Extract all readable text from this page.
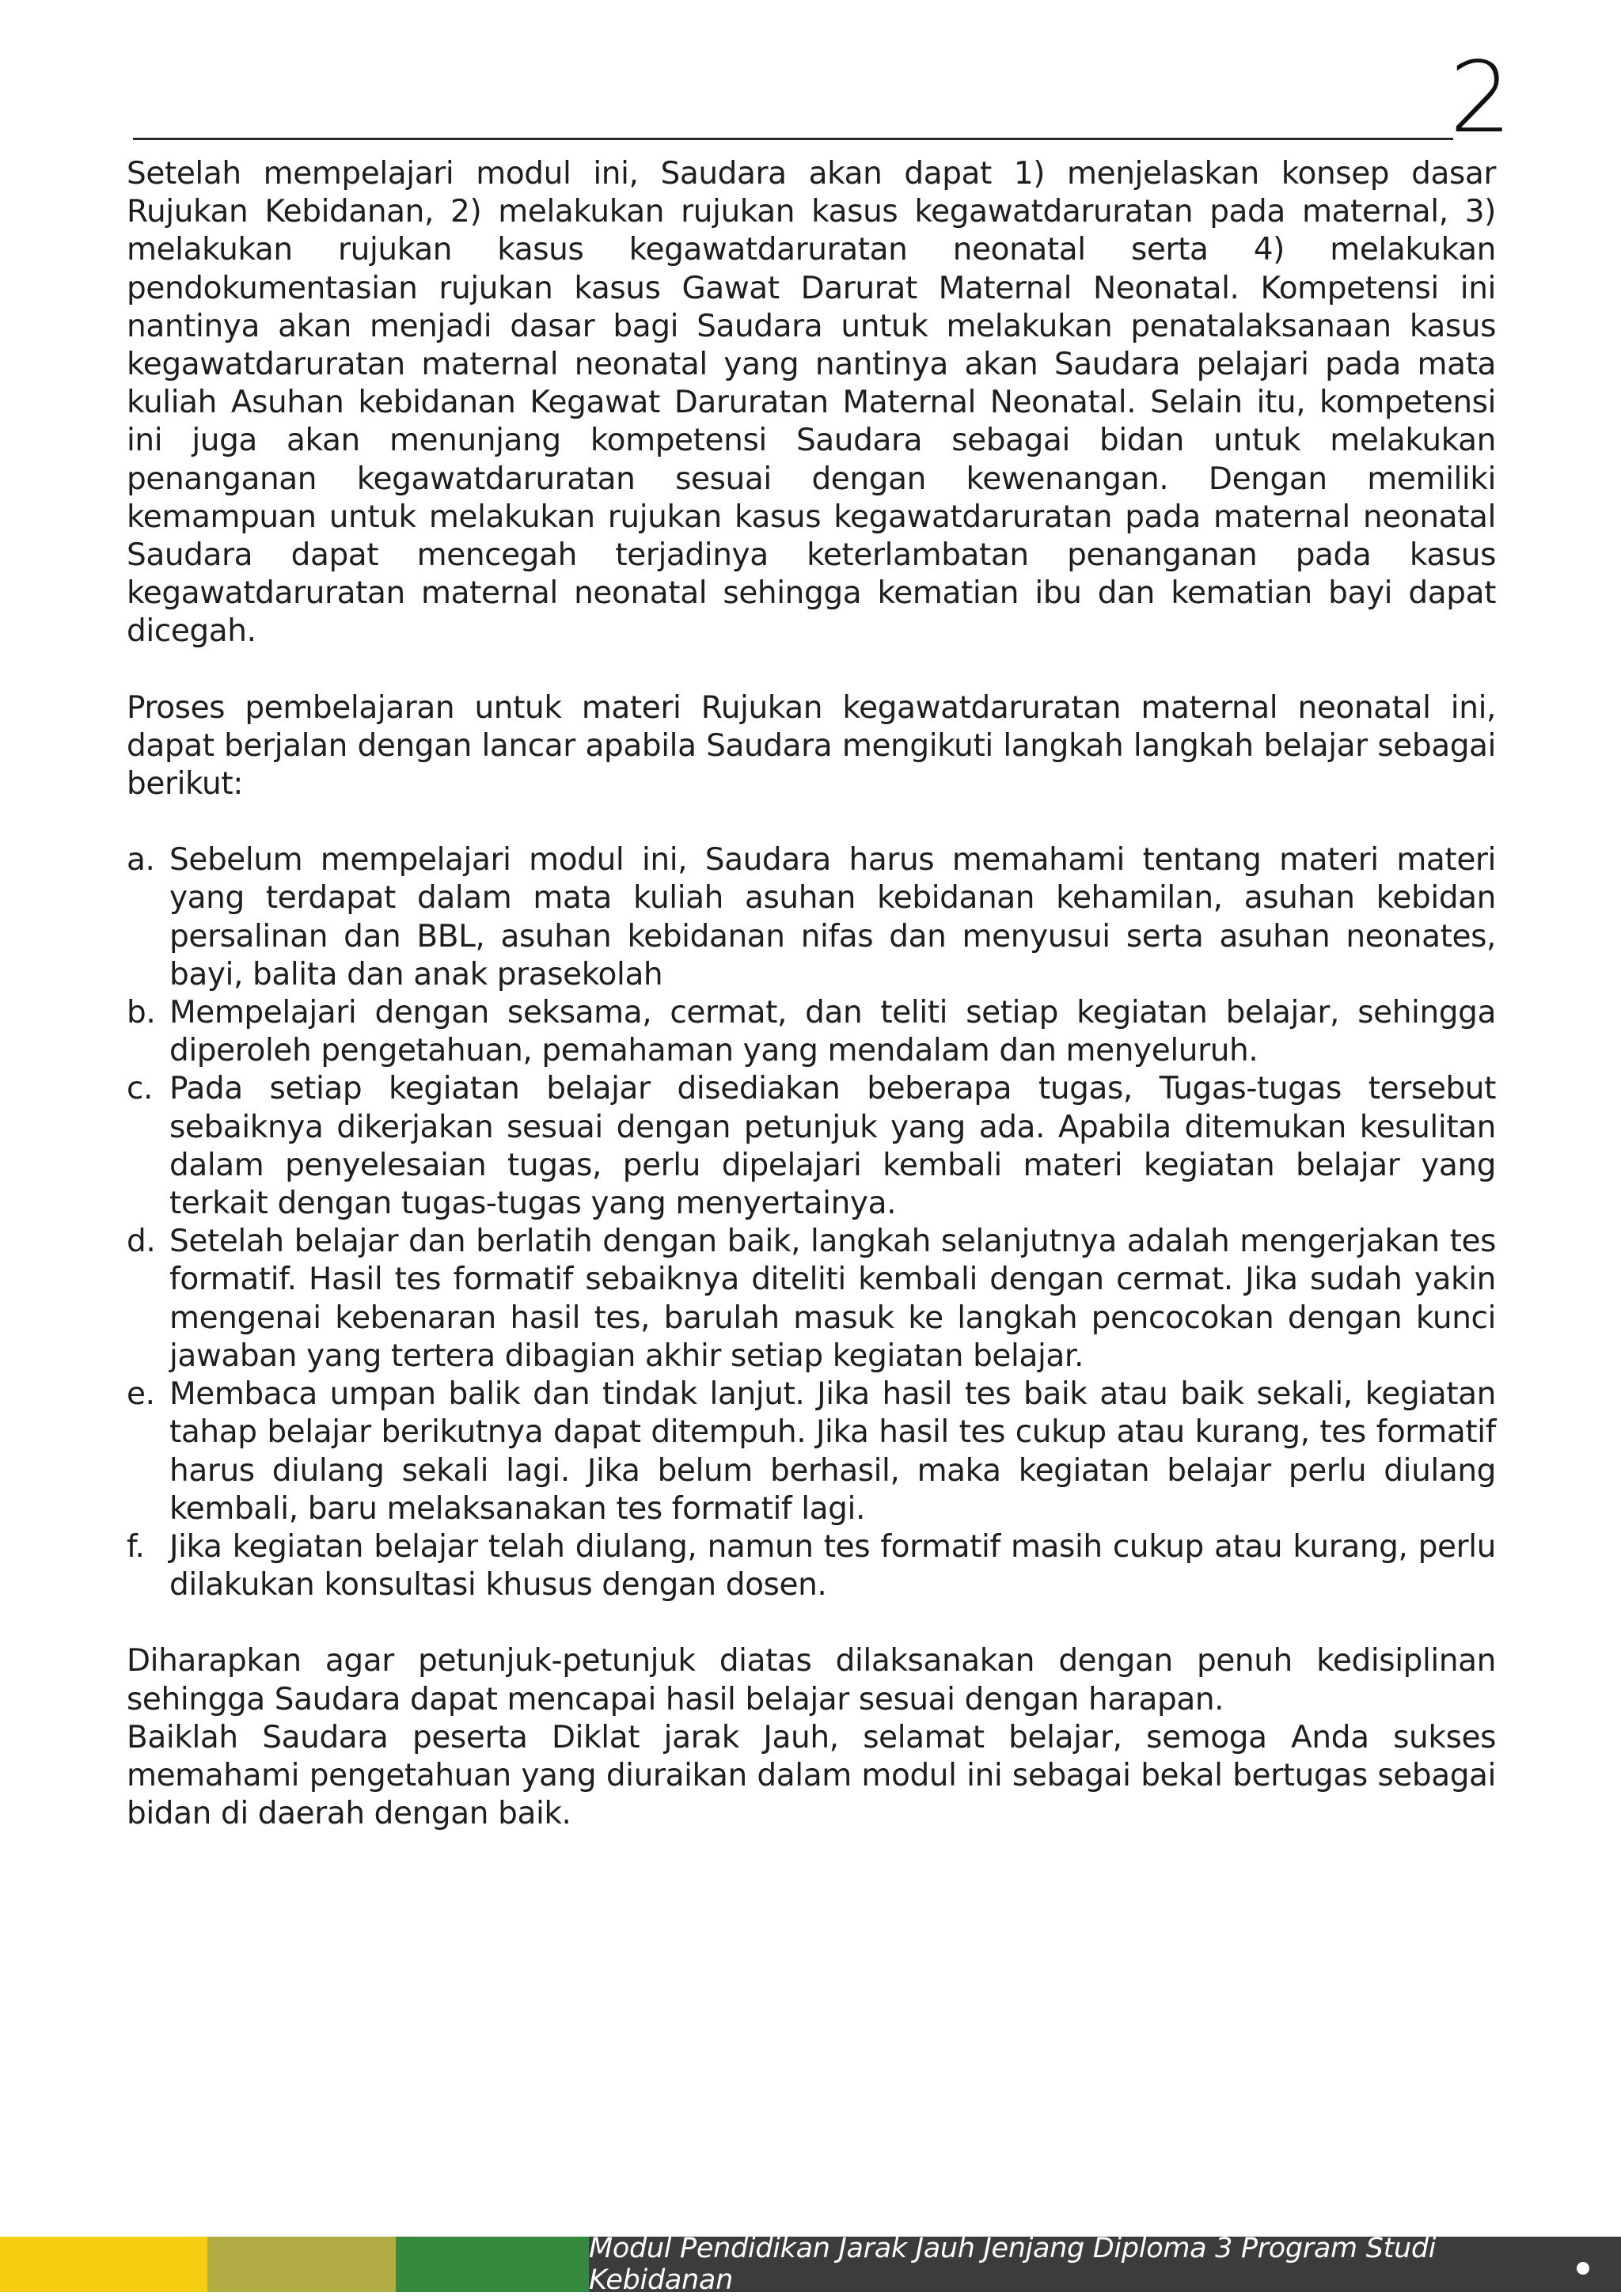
2

Setelah mempelajari modul ini, Saudara akan dapat 1) menjelaskan konsep dasar Rujukan Kebidanan, 2) melakukan rujukan kasus kegawatdaruratan pada maternal, 3) melakukan rujukan kasus kegawatdaruratan neonatal serta 4) melakukan pendokumentasian rujukan kasus Gawat Darurat Maternal Neonatal. Kompetensi ini nantinya akan menjadi dasar bagi Saudara untuk melakukan penatalaksanaan kasus kegawatdaruratan maternal neonatal yang nantinya akan Saudara pelajari pada mata kuliah Asuhan kebidanan Kegawat Daruratan Maternal Neonatal. Selain itu, kompetensi ini juga akan menunjang kompetensi Saudara sebagai bidan untuk melakukan penanganan kegawatdaruratan sesuai dengan kewenangan. Dengan memiliki kemampuan untuk melakukan rujukan kasus kegawatdaruratan pada maternal neonatal Saudara dapat mencegah terjadinya keterlambatan penanganan pada kasus kegawatdaruratan maternal neonatal sehingga kematian ibu dan kematian bayi dapat dicegah.

Proses pembelajaran untuk materi Rujukan kegawatdaruratan maternal neonatal ini, dapat berjalan dengan lancar apabila Saudara mengikuti langkah langkah belajar sebagai berikut:

a. Sebelum mempelajari modul ini, Saudara harus memahami tentang materi materi yang terdapat dalam mata kuliah asuhan kebidanan kehamilan, asuhan kebidan persalinan dan BBL, asuhan kebidanan nifas dan menyusui serta asuhan neonates, bayi, balita dan anak prasekolah
b. Mempelajari dengan seksama, cermat, dan teliti setiap kegiatan belajar, sehingga diperoleh pengetahuan, pemahaman yang mendalam dan menyeluruh.
c. Pada setiap kegiatan belajar disediakan beberapa tugas, Tugas-tugas tersebut sebaiknya dikerjakan sesuai dengan petunjuk yang ada. Apabila ditemukan kesulitan dalam penyelesaian tugas, perlu dipelajari kembali materi kegiatan belajar yang terkait dengan tugas-tugas yang menyertainya.
d. Setelah belajar dan berlatih dengan baik, langkah selanjutnya adalah mengerjakan tes formatif. Hasil tes formatif sebaiknya diteliti kembali dengan cermat. Jika sudah yakin mengenai kebenaran hasil tes, barulah masuk ke langkah pencocokan dengan kunci jawaban yang tertera dibagian akhir setiap kegiatan belajar.
e. Membaca umpan balik dan tindak lanjut. Jika hasil tes baik atau baik sekali, kegiatan tahap belajar berikutnya dapat ditempuh. Jika hasil tes cukup atau kurang, tes formatif harus diulang sekali lagi. Jika belum berhasil, maka kegiatan belajar perlu diulang kembali, baru melaksanakan tes formatif lagi.
f. Jika kegiatan belajar telah diulang, namun tes formatif masih cukup atau kurang, perlu dilakukan konsultasi khusus dengan dosen.

Diharapkan agar petunjuk-petunjuk diatas dilaksanakan dengan penuh kedisiplinan sehingga Saudara dapat mencapai hasil belajar sesuai dengan harapan.

Baiklah Saudara peserta Diklat jarak Jauh, selamat belajar, semoga Anda sukses memahami pengetahuan yang diuraikan dalam modul ini sebagai bekal bertugas sebagai bidan di daerah dengan baik.

Modul Pendidikan Jarak Jauh Jenjang Diploma 3 Program Studi Kebidanan
